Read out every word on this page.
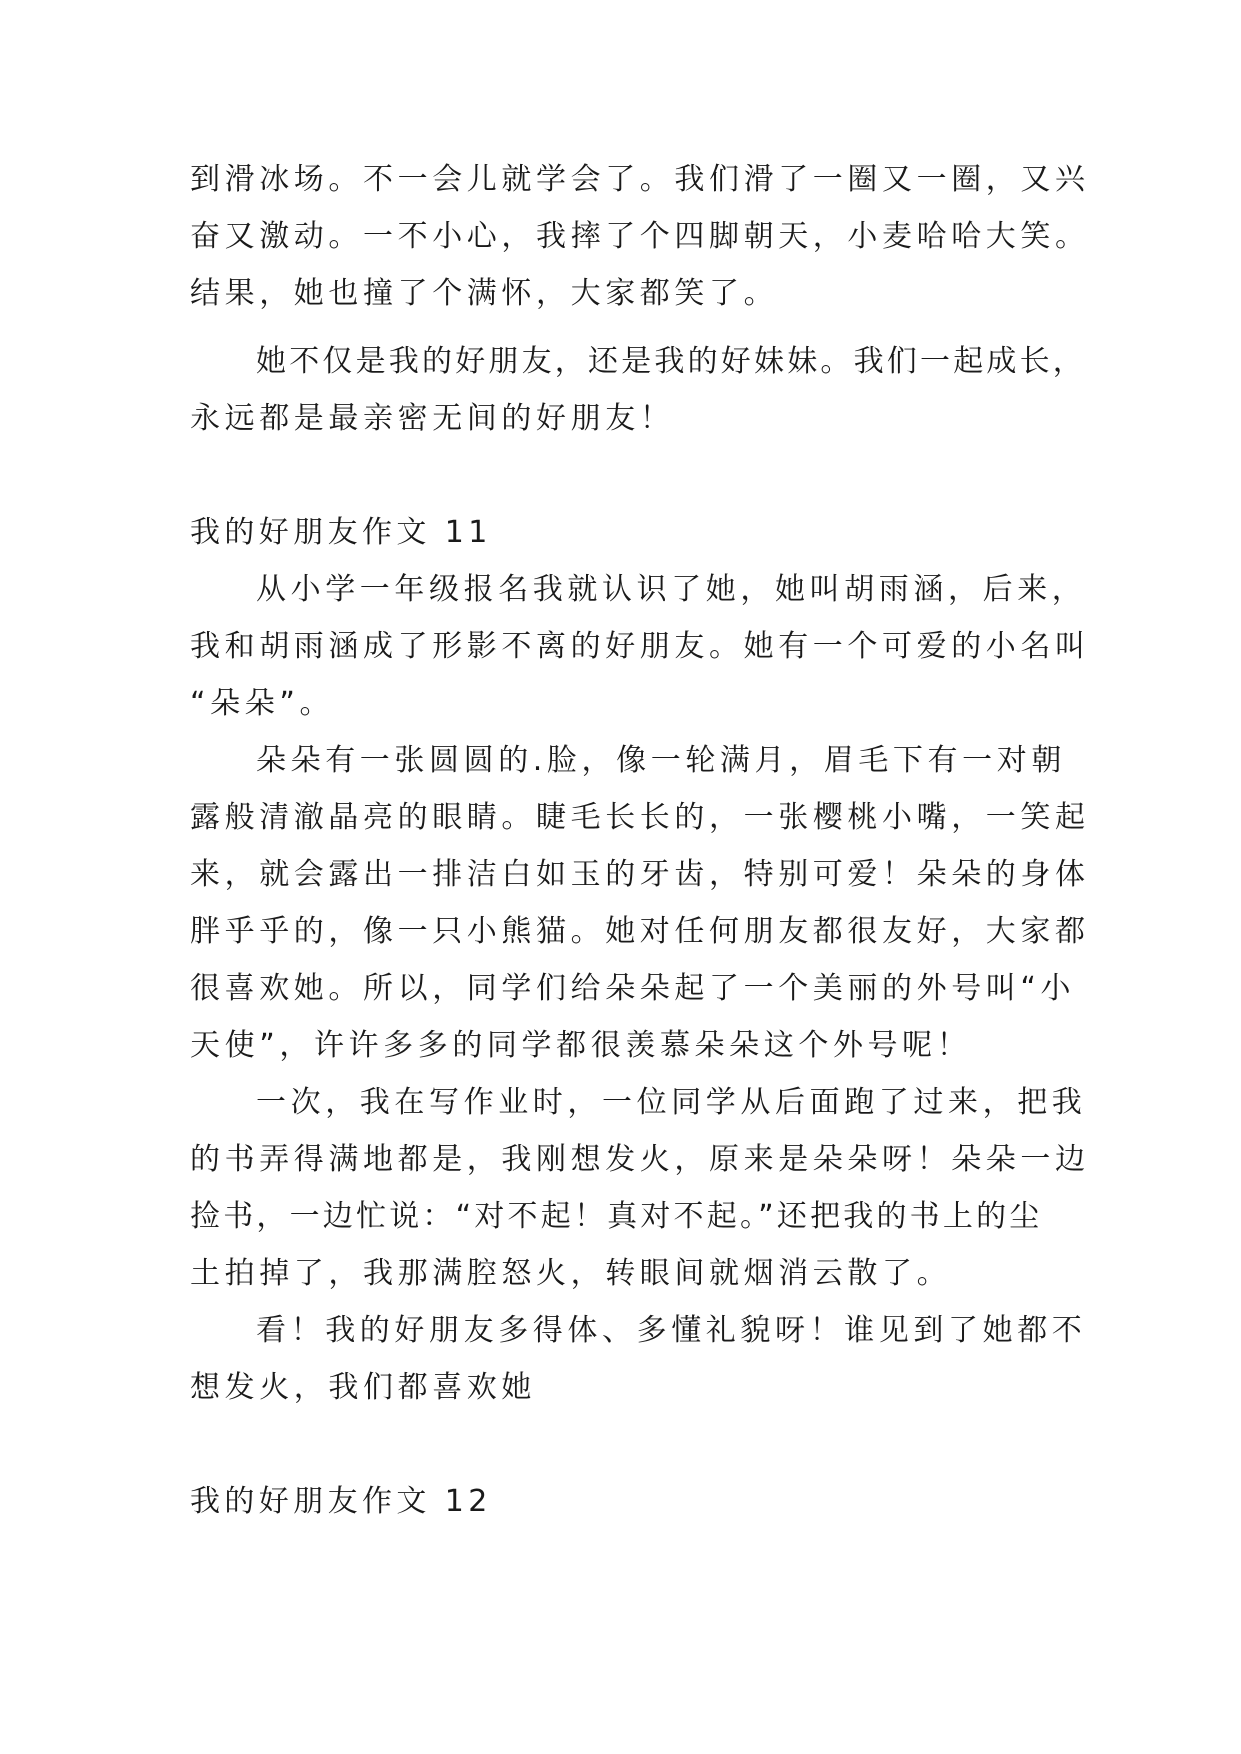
到滑冰场。不一会儿就学会了。我们滑了一圈又一圈，又兴
奋又激动。一不小心，我摔了个四脚朝天，小麦哈哈大笑。
结果，她也撞了个满怀，大家都笑了。
她不仅是我的好朋友，还是我的好妹妹。我们一起成长，
永远都是最亲密无间的好朋友！
我的好朋友作文 11
从小学一年级报名我就认识了她，她叫胡雨涵，后来，
我和胡雨涵成了形影不离的好朋友。她有一个可爱的小名叫
“朵朵”。
朵朵有一张圆圆的.脸，像一轮满月，眉毛下有一对朝
露般清澈晶亮的眼睛。睫毛长长的，一张樱桃小嘴，一笑起
来，就会露出一排洁白如玉的牙齿，特别可爱！朵朵的身体
胖乎乎的，像一只小熊猫。她对任何朋友都很友好，大家都
很喜欢她。所以，同学们给朵朵起了一个美丽的外号叫“小
天使”，许许多多的同学都很羡慕朵朵这个外号呢！
一次，我在写作业时，一位同学从后面跑了过来，把我
的书弄得满地都是，我刚想发火，原来是朵朵呀！朵朵一边
捡书，一边忙说：“对不起！真对不起。”还把我的书上的尘
土拍掉了，我那满腔怒火，转眼间就烟消云散了。
看！我的好朋友多得体、多懂礼貌呀！谁见到了她都不
想发火，我们都喜欢她
我的好朋友作文 12
